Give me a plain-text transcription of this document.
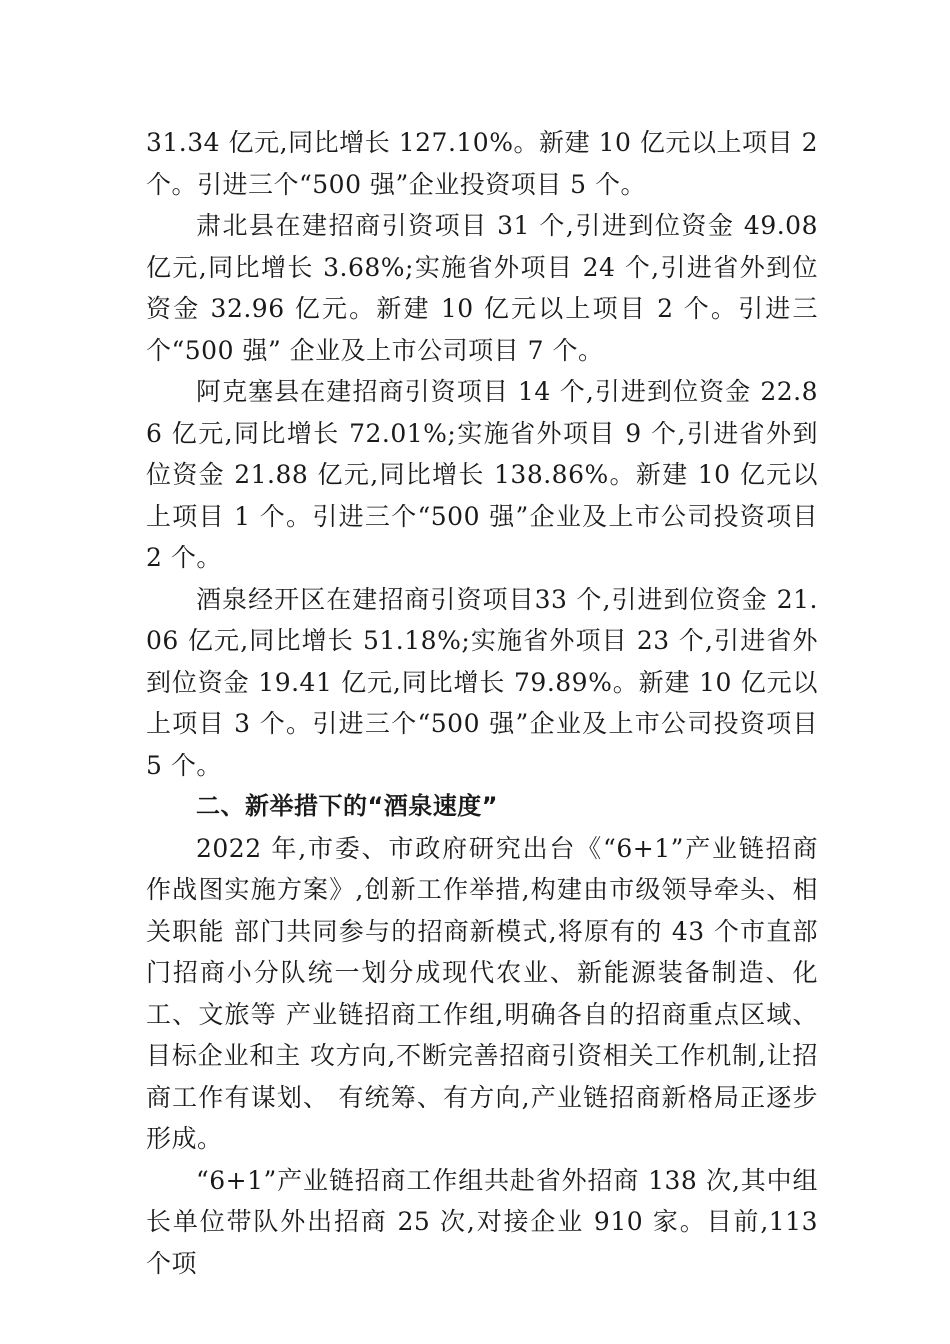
31.34 亿元,同比增长 127.10%。新建 10 亿元以上项目 2 个。引进三个“500 强”企业投资项目 5 个。

肃北县在建招商引资项目 31 个,引进到位资金 49.08 亿元,同比增长 3.68%;实施省外项目 24 个,引进省外到位资金 32.96 亿元。新建 10 亿元以上项目 2 个。引进三个“500 强” 企业及上市公司项目 7 个。

阿克塞县在建招商引资项目 14 个,引进到位资金 22.86 亿元,同比增长 72.01%;实施省外项目 9 个,引进省外到位资金 21.88 亿元,同比增长 138.86%。新建 10 亿元以上项目 1 个。引进三个“500 强”企业及上市公司投资项目 2 个。

酒泉经开区在建招商引资项目33 个,引进到位资金 21.06 亿元,同比增长 51.18%;实施省外项目 23 个,引进省外到位资金 19.41 亿元,同比增长 79.89%。新建 10 亿元以上项目 3 个。引进三个“500 强”企业及上市公司投资项目 5 个。

二、新举措下的“酒泉速度”

2022 年,市委、市政府研究出台《“6+1”产业链招商作战图实施方案》,创新工作举措,构建由市级领导牵头、相关职能 部门共同参与的招商新模式,将原有的 43 个市直部门招商小分队统一划分成现代农业、新能源装备制造、化工、文旅等 产业链招商工作组,明确各自的招商重点区域、目标企业和主 攻方向,不断完善招商引资相关工作机制,让招商工作有谋划、 有统筹、有方向,产业链招商新格局正逐步形成。

“6+1”产业链招商工作组共赴省外招商 138 次,其中组长单位带队外出招商 25 次,对接企业 910 家。目前,113 个项
